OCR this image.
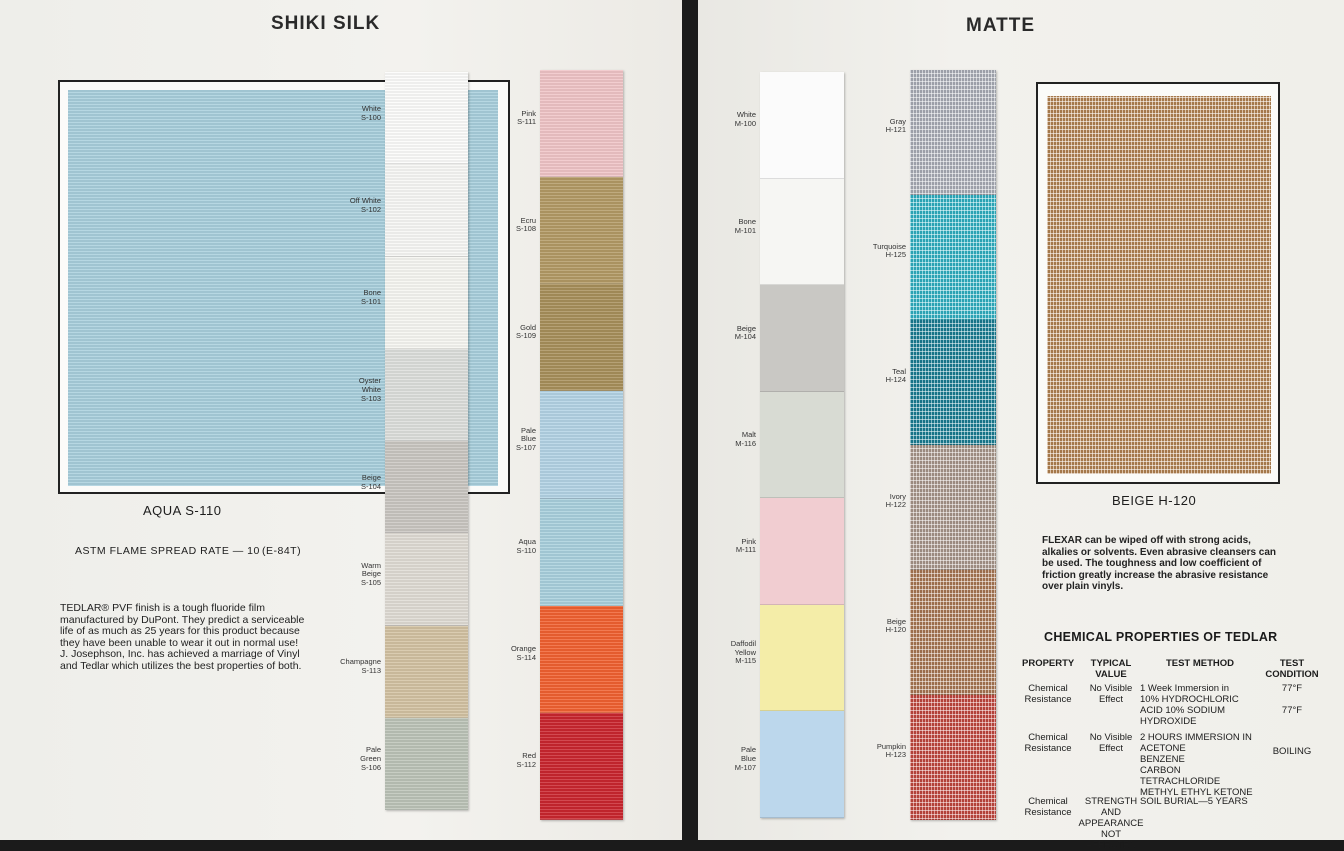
SHIKI SILK
AQUA S-110
ASTM FLAME SPREAD RATE — 10 (E-84T)
TEDLAR® PVF finish is a tough fluoride film manufactured by DuPont. They predict a serviceable life of as much as 25 years for this product because they have been unable to wear it out in normal use! J. Josephson, Inc. has achieved a marriage of Vinyl and Tedlar which utilizes the best properties of both.
White
S-100
Off White
S-102
Bone
S-101
Oyster
White
S-103
Beige
S-104
Warm
Beige
S-105
Champagne
S-113
Pale
Green
S-106
Pink
S-111
Ecru
S-108
Gold
S-109
Pale
Blue
S-107
Aqua
S-110
Orange
S-114
Red
S-112
MATTE
White
M-100
Bone
M-101
Beige
M-104
Malt
M-116
Pink
M-111
Daffodil
Yellow
M-115
Pale
Blue
M-107
Gray
H-121
Turquoise
H-125
Teal
H-124
Ivory
H-122
Beige
H-120
Pumpkin
H-123
BEIGE H-120
FLEXAR can be wiped off with strong acids, alkalies or solvents. Even abrasive cleansers can be used. The toughness and low coefficient of friction greatly increase the abrasive resistance over plain vinyls.
CHEMICAL PROPERTIES OF TEDLAR
PROPERTY	TYPICAL
VALUE
TEST METHOD	TEST
CONDITION
Chemical
Resistance
No Visible
Effect
1 Week Immersion in
10% HYDROCHLORIC
ACID 10% SODIUM
HYDROXIDE
77°F

77°F
Chemical
Resistance
No Visible
Effect
2 HOURS IMMERSION IN
ACETONE
BENZENE
CARBON TETRACHLORIDE
METHYL ETHYL KETONE
BOILING
Chemical
Resistance
STRENGTH AND
APPEARANCE
NOT AFFECTED
SOIL BURIAL—5 YEARS
